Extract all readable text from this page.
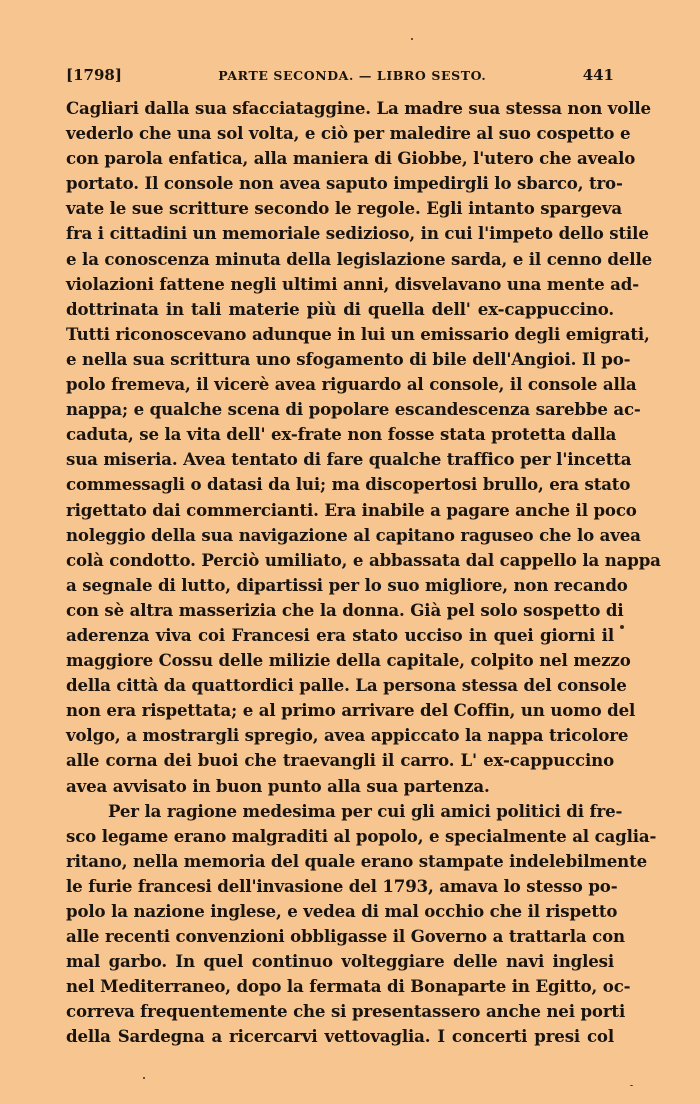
[1798]	PARTE SECONDA. — LIBRO SESTO.	441
Cagliari dalla sua sfacciataggine. La madre sua stessa non volle
vederlo che una sol volta, e ciò per maledire al suo cospetto e
con parola enfatica, alla maniera di Giobbe, l'utero che avealo
portato. Il console non avea saputo impedirgli lo sbarco, tro-
vate le sue scritture secondo le regole. Egli intanto spargeva
fra i cittadini un memoriale sedizioso, in cui l'impeto dello stile
e la conoscenza minuta della legislazione sarda, e il cenno delle
violazioni fattene negli ultimi anni, disvelavano una mente ad-
dottrinata in tali materie più di quella dell' ex-cappuccino.
Tutti riconoscevano adunque in lui un emissario degli emigrati,
e nella sua scrittura uno sfogamento di bile dell'Angioi. Il po-
polo fremeva, il vicerè avea riguardo al console, il console alla
nappa; e qualche scena di popolare escandescenza sarebbe ac-
caduta, se la vita dell' ex-frate non fosse stata protetta dalla
sua miseria. Avea tentato di fare qualche traffico per l'incetta
commessagli o datasi da lui; ma discopertosi brullo, era stato
rigettato dai commercianti. Era inabile a pagare anche il poco
noleggio della sua navigazione al capitano raguseo che lo avea
colà condotto. Perciò umiliato, e abbassata dal cappello la nappa
a segnale di lutto, dipartissi per lo suo migliore, non recando
con sè altra masserizia che la donna. Già pel solo sospetto di
aderenza viva coi Francesi era stato ucciso in quei giorni il
maggiore Cossu delle milizie della capitale, colpito nel mezzo
della città da quattordici palle. La persona stessa del console
non era rispettata; e al primo arrivare del Coffin, un uomo del
volgo, a mostrargli spregio, avea appiccato la nappa tricolore
alle corna dei buoi che traevangli il carro. L' ex-cappuccino
avea avvisato in buon punto alla sua partenza.
Per la ragione medesima per cui gli amici politici di fre-
sco legame erano malgraditi al popolo, e specialmente al caglia-
ritano, nella memoria del quale erano stampate indelebilmente
le furie francesi dell'invasione del 1793, amava lo stesso po-
polo la nazione inglese, e vedea di mal occhio che il rispetto
alle recenti convenzioni obbligasse il Governo a trattarla con
mal garbo. In quel continuo volteggiare delle navi inglesi
nel Mediterraneo, dopo la fermata di Bonaparte in Egitto, oc-
correva frequentemente che si presentassero anche nei porti
della Sardegna a ricercarvi vettovaglia. I concerti presi col
